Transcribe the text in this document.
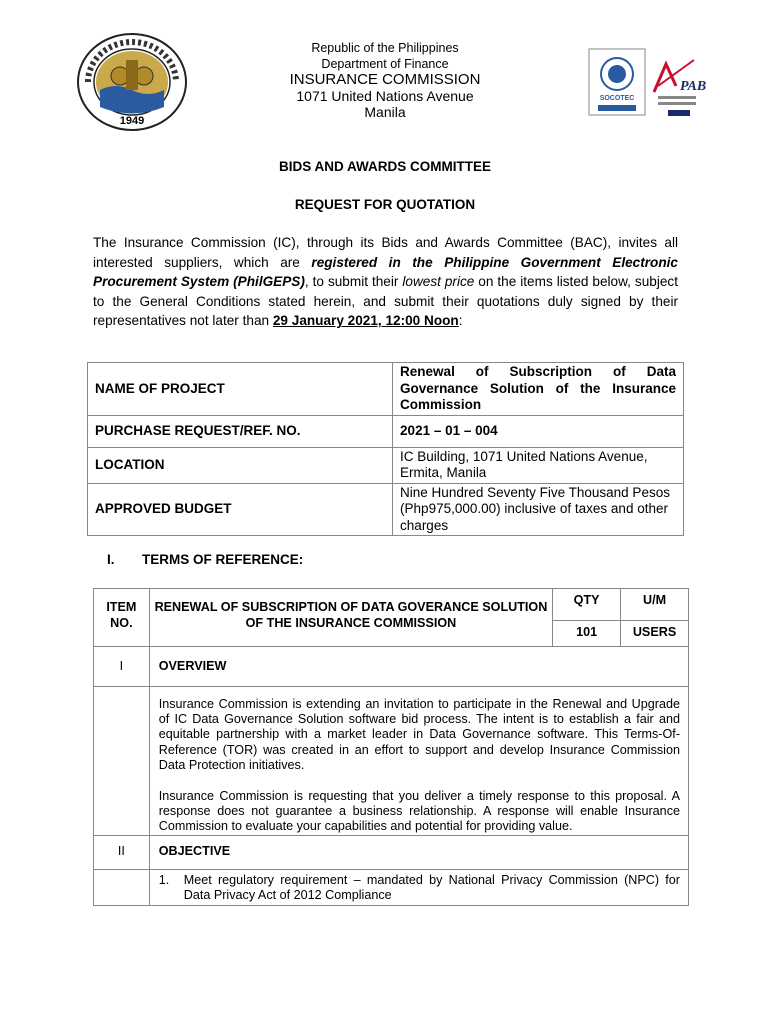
1949
Republic of the Philippines
Department of Finance
INSURANCE COMMISSION
1071 United Nations Avenue
Manila
SOCOTEC
PAB
BIDS AND AWARDS COMMITTEE
REQUEST FOR QUOTATION
The Insurance Commission (IC), through its Bids and Awards Committee (BAC), invites all interested suppliers, which are registered in the Philippine Government Electronic Procurement System (PhilGEPS), to submit their lowest price on the items listed below, subject to the General Conditions stated herein, and submit their quotations duly signed by their representatives not later than 29 January 2021, 12:00 Noon:
NAME OF PROJECT	Renewal of Subscription of Data Governance Solution of the Insurance Commission
PURCHASE REQUEST/REF. NO.	2021 – 01 – 004
LOCATION	IC Building, 1071 United Nations Avenue, Ermita, Manila
APPROVED BUDGET	Nine Hundred Seventy Five Thousand Pesos (Php975,000.00) inclusive of taxes and other charges
I. TERMS OF REFERENCE:
ITEM NO.	RENEWAL OF SUBSCRIPTION OF DATA GOVERANCE SOLUTION OF THE INSURANCE COMMISSION	QTY	U/M
		101	USERS
I	OVERVIEW		

	Insurance Commission is extending an invitation to participate in the Renewal and Upgrade of IC Data Governance Solution software bid process. The intent is to establish a fair and equitable partnership with a market leader in Data Governance software. This Terms-Of-Reference (TOR) was created in an effort to support and develop Insurance Commission Data Protection initiatives.

Insurance Commission is requesting that you deliver a timely response to this proposal. A response does not guarantee a business relationship. A response will enable Insurance Commission to evaluate your capabilities and potential for providing value.		

II	OBJECTIVE		

	1. Meet regulatory requirement – mandated by National Privacy Commission (NPC) for Data Privacy Act of 2012 Compliance		
